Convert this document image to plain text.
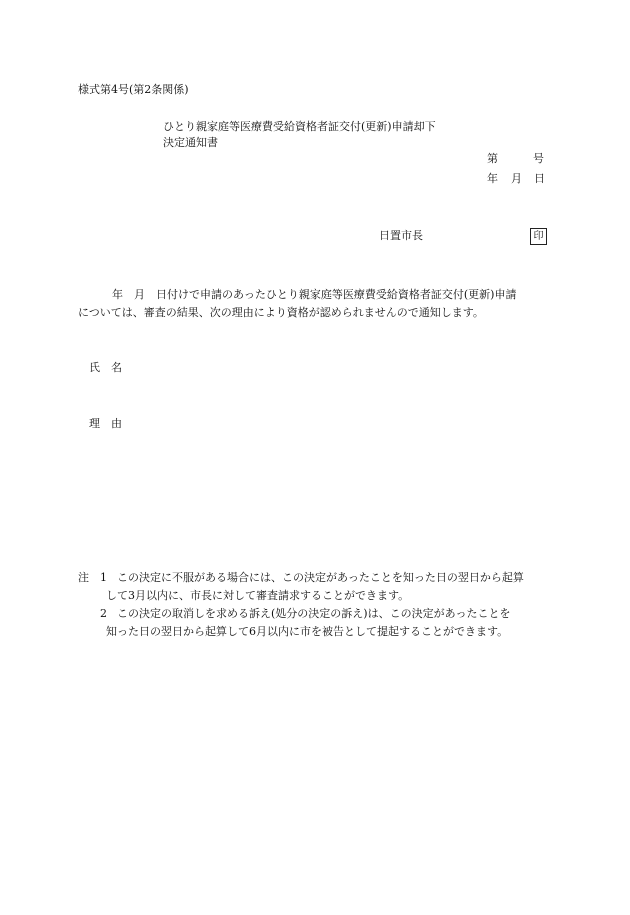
様式第4号(第2条関係)
ひとり親家庭等医療費受給資格者証交付(更新)申請却下
決定通知書
第	号
年 月 日
日置市長	印
年　月　日付けで申請のあったひとり親家庭等医療費受給資格者証交付(更新)申請
については、審査の結果、次の理由により資格が認められませんので通知します。
氏　名
理　由
注 1 この決定に不服がある場合には、この決定があったことを知った日の翌日から起算
して3月以内に、市長に対して審査請求することができます。
2 この決定の取消しを求める訴え(処分の決定の訴え)は、この決定があったことを
知った日の翌日から起算して6月以内に市を被告として提起することができます。
